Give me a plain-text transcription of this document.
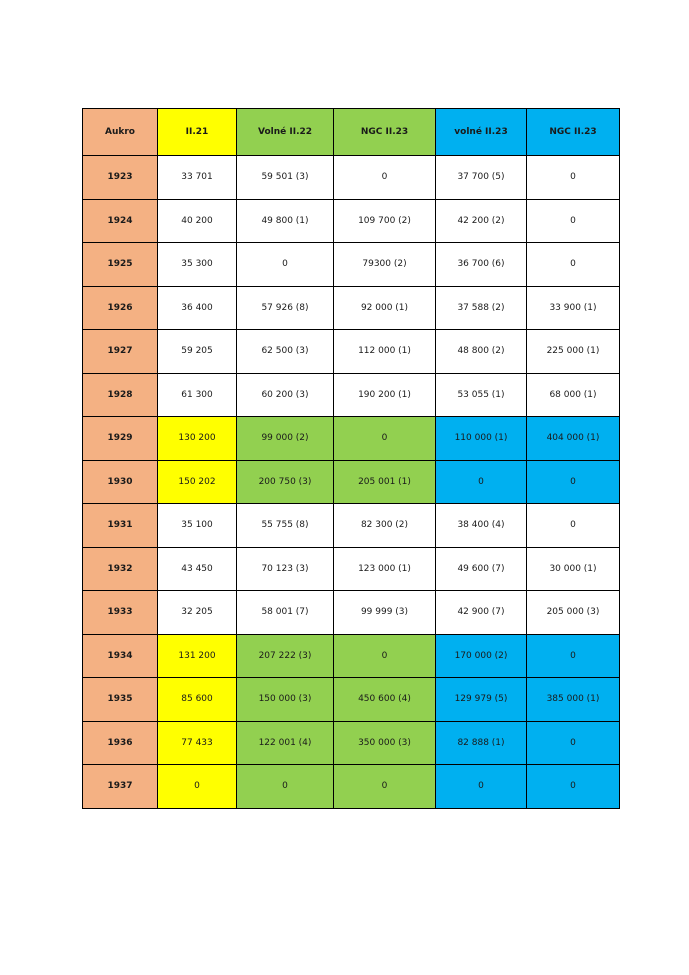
Aukro	II.21	Volné II.22	NGC II.23	volné II.23	NGC II.23
1923	33 701	59 501 (3)	0	37 700 (5)	0
1924	40 200	49 800 (1)	109 700 (2)	42 200 (2)	0
1925	35 300	0	79300 (2)	36 700 (6)	0
1926	36 400	57 926 (8)	92 000 (1)	37 588 (2)	33 900 (1)
1927	59 205	62 500 (3)	112 000 (1)	48 800 (2)	225 000 (1)
1928	61 300	60 200 (3)	190 200 (1)	53 055 (1)	68 000 (1)
1929	130 200	99 000 (2)	0	110 000 (1)	404 000 (1)
1930	150 202	200 750 (3)	205 001 (1)	0	0
1931	35 100	55 755 (8)	82 300 (2)	38 400 (4)	0
1932	43 450	70 123 (3)	123 000 (1)	49 600 (7)	30 000 (1)
1933	32 205	58 001 (7)	99 999 (3)	42 900 (7)	205 000 (3)
1934	131 200	207 222 (3)	0	170 000 (2)	0
1935	85 600	150 000 (3)	450 600 (4)	129 979 (5)	385 000 (1)
1936	77 433	122 001 (4)	350 000 (3)	82 888 (1)	0
1937	0	0	0	0	0
